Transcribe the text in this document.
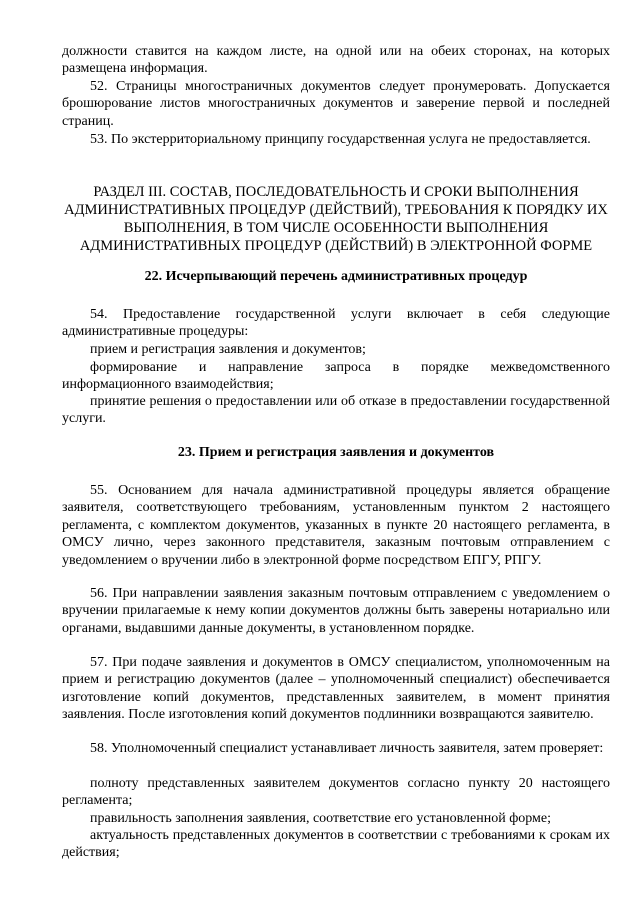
должности ставится на каждом листе, на одной или на обеих сторонах, на которых размещена информация.

52. Страницы многостраничных документов следует пронумеровать. Допускается брошюрование листов многостраничных документов и заверение первой и последней страниц.

53. По экстерриториальному принципу государственная услуга не предоставляется.

РАЗДЕЛ III. СОСТАВ, ПОСЛЕДОВАТЕЛЬНОСТЬ И СРОКИ ВЫПОЛНЕНИЯ АДМИНИСТРАТИВНЫХ ПРОЦЕДУР (ДЕЙСТВИЙ), ТРЕБОВАНИЯ К ПОРЯДКУ ИХ ВЫПОЛНЕНИЯ, В ТОМ ЧИСЛЕ ОСОБЕННОСТИ ВЫПОЛНЕНИЯ АДМИНИСТРАТИВНЫХ ПРОЦЕДУР (ДЕЙСТВИЙ) В ЭЛЕКТРОННОЙ ФОРМЕ

22. Исчерпывающий перечень административных процедур

54. Предоставление государственной услуги включает в себя следующие административные процедуры:

прием и регистрация заявления и документов;

формирование и направление запроса в порядке межведомственного информационного взаимодействия;

принятие решения о предоставлении или об отказе в предоставлении государственной услуги.

23. Прием и регистрация заявления и документов

55. Основанием для начала административной процедуры является обращение заявителя, соответствующего требованиям, установленным пунктом 2 настоящего регламента, с комплектом документов, указанных в пункте 20 настоящего регламента, в ОМСУ лично, через законного представителя, заказным почтовым отправлением с уведомлением о вручении либо в электронной форме посредством ЕПГУ, РПГУ.

56. При направлении заявления заказным почтовым отправлением с уведомлением о вручении прилагаемые к нему копии документов должны быть заверены нотариально или органами, выдавшими данные документы, в установленном порядке.

57. При подаче заявления и документов в ОМСУ специалистом, уполномоченным на прием и регистрацию документов (далее – уполномоченный специалист) обеспечивается изготовление копий документов, представленных заявителем, в момент принятия заявления. После изготовления копий документов подлинники возвращаются заявителю.

58. Уполномоченный специалист устанавливает личность заявителя, затем проверяет:

полноту представленных заявителем документов согласно пункту 20 настоящего регламента;

правильность заполнения заявления, соответствие его установленной форме;

актуальность представленных документов в соответствии с требованиями к срокам их действия;
